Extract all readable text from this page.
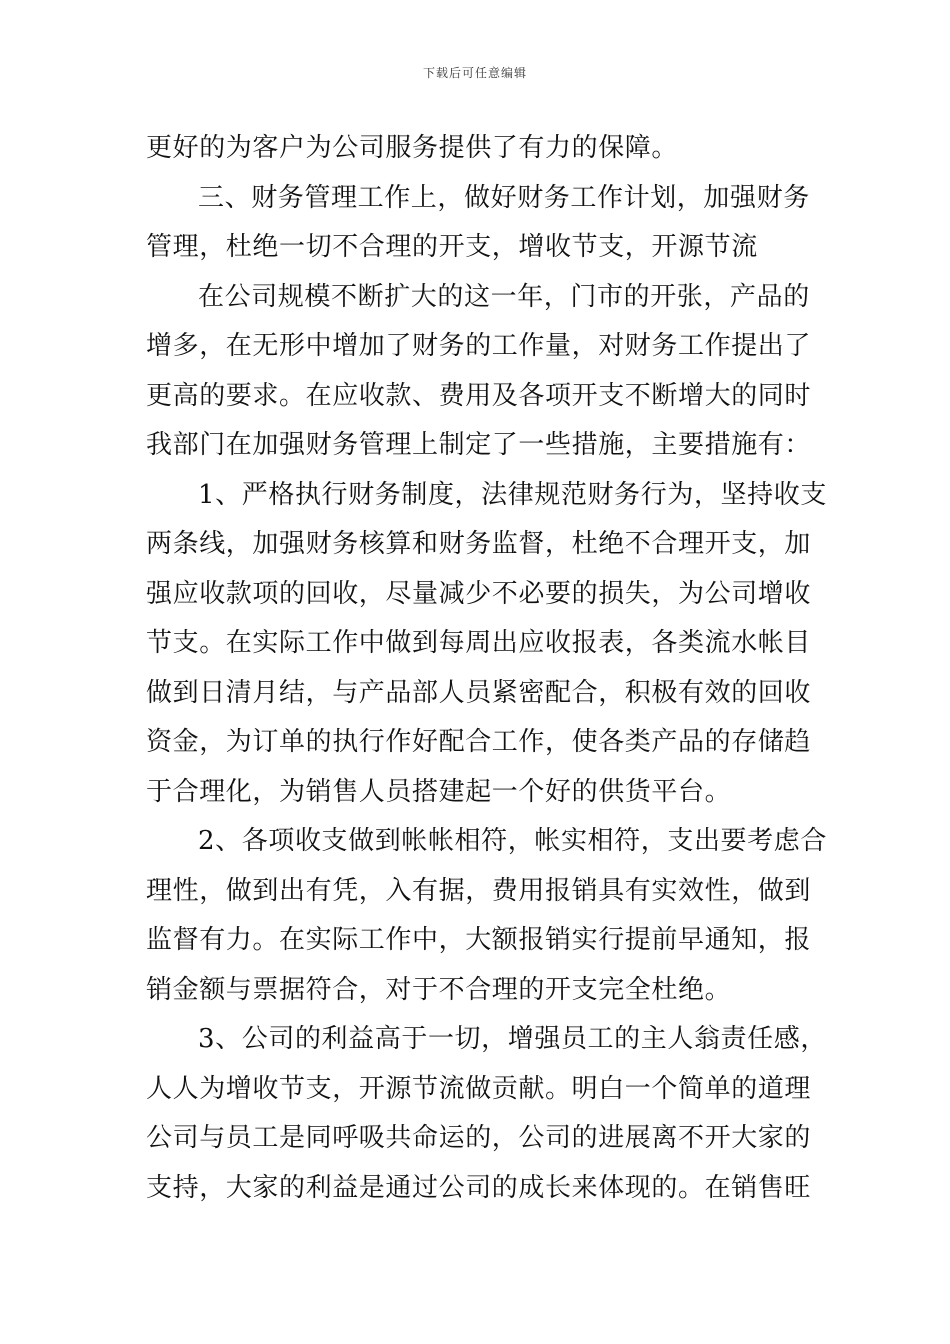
下载后可任意编辑
更好的为客户为公司服务提供了有力的保障。
三、财务管理工作上，做好财务工作计划，加强财务
管理，杜绝一切不合理的开支，增收节支，开源节流
在公司规模不断扩大的这一年，门市的开张，产品的
增多，在无形中增加了财务的工作量，对财务工作提出了
更高的要求。在应收款、费用及各项开支不断增大的同时
我部门在加强财务管理上制定了一些措施，主要措施有：
1、严格执行财务制度，法律规范财务行为，坚持收支
两条线，加强财务核算和财务监督，杜绝不合理开支，加
强应收款项的回收，尽量减少不必要的损失，为公司增收
节支。在实际工作中做到每周出应收报表，各类流水帐目
做到日清月结，与产品部人员紧密配合，积极有效的回收
资金，为订单的执行作好配合工作，使各类产品的存储趋
于合理化，为销售人员搭建起一个好的供货平台。
2、各项收支做到帐帐相符，帐实相符，支出要考虑合
理性，做到出有凭，入有据，费用报销具有实效性，做到
监督有力。在实际工作中，大额报销实行提前早通知，报
销金额与票据符合，对于不合理的开支完全杜绝。
3、公司的利益高于一切，增强员工的主人翁责任感，
人人为增收节支，开源节流做贡献。明白一个简单的道理
公司与员工是同呼吸共命运的，公司的进展离不开大家的
支持，大家的利益是通过公司的成长来体现的。在销售旺
